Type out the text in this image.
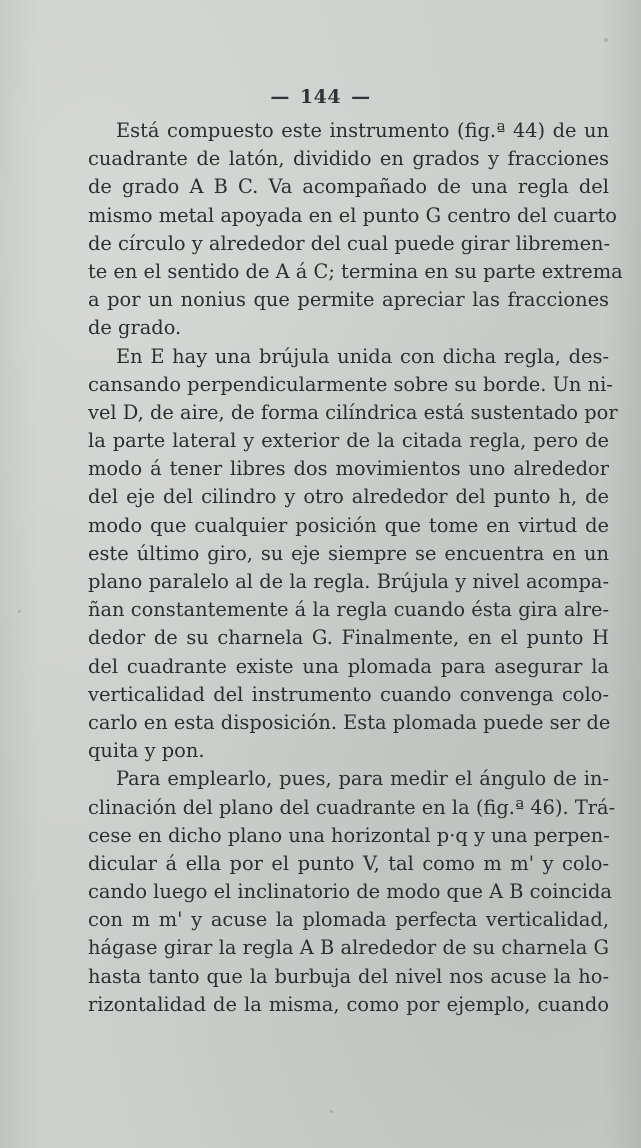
— 144 —
Está compuesto este instrumento (fig.ª 44) de un
cuadrante de latón, dividido en grados y fracciones
de grado A B C. Va acompañado de una regla del
mismo metal apoyada en el punto G centro del cuarto
de círculo y alrededor del cual puede girar libremen-
te en el sentido de A á C; termina en su parte extrema
a por un nonius que permite apreciar las fracciones
de grado.
En E hay una brújula unida con dicha regla, des-
cansando perpendicularmente sobre su borde. Un ni-
vel D, de aire, de forma cilíndrica está sustentado por
la parte lateral y exterior de la citada regla, pero de
modo á tener libres dos movimientos uno alrededor
del eje del cilindro y otro alrededor del punto h, de
modo que cualquier posición que tome en virtud de
este último giro, su eje siempre se encuentra en un
plano paralelo al de la regla. Brújula y nivel acompa-
ñan constantemente á la regla cuando ésta gira alre-
dedor de su charnela G. Finalmente, en el punto H
del cuadrante existe una plomada para asegurar la
verticalidad del instrumento cuando convenga colo-
carlo en esta disposición. Esta plomada puede ser de
quita y pon.
Para emplearlo, pues, para medir el ángulo de in-
clinación del plano del cuadrante en la (fig.ª 46). Trá-
cese en dicho plano una horizontal p·q y una perpen-
dicular á ella por el punto V, tal como m m' y colo-
cando luego el inclinatorio de modo que A B coincida
con m m' y acuse la plomada perfecta verticalidad,
hágase girar la regla A B alrededor de su charnela G
hasta tanto que la burbuja del nivel nos acuse la ho-
rizontalidad de la misma, como por ejemplo, cuando
